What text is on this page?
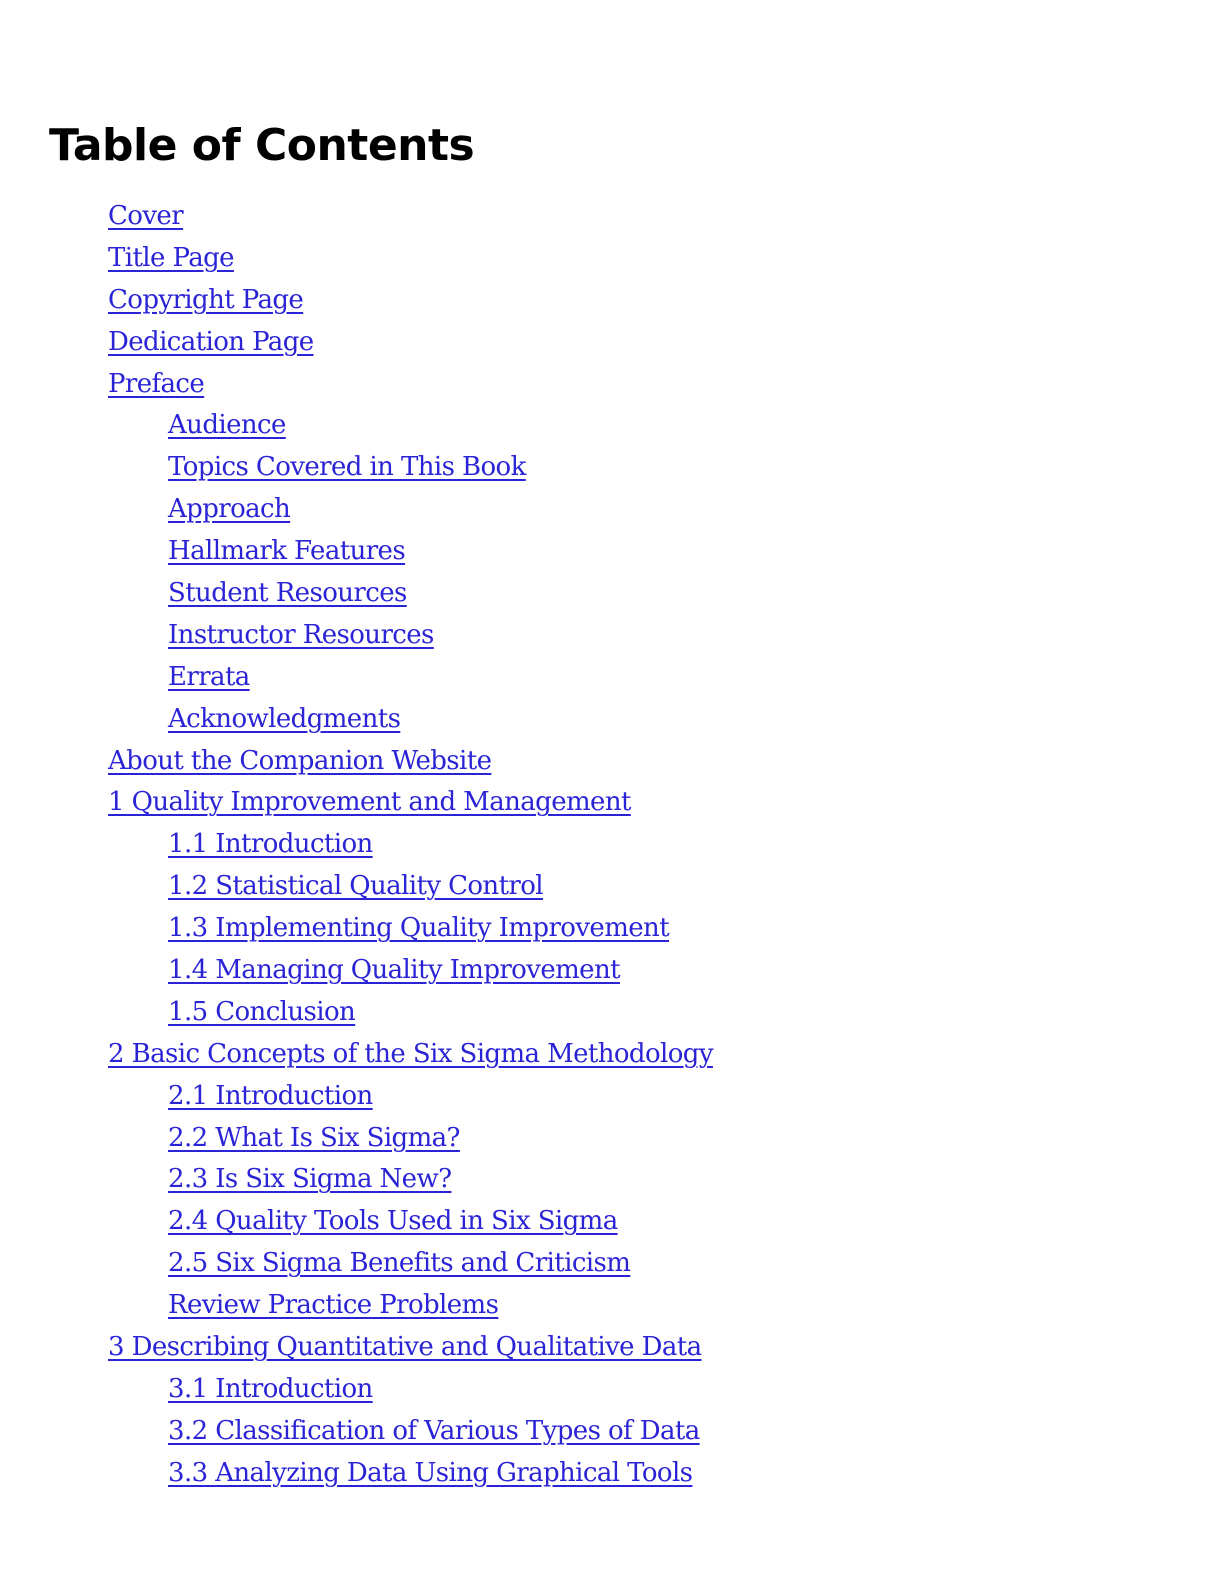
Table of Contents
Cover
Title Page
Copyright Page
Dedication Page
Preface
Audience
Topics Covered in This Book
Approach
Hallmark Features
Student Resources
Instructor Resources
Errata
Acknowledgments
About the Companion Website
1 Quality Improvement and Management
1.1 Introduction
1.2 Statistical Quality Control
1.3 Implementing Quality Improvement
1.4 Managing Quality Improvement
1.5 Conclusion
2 Basic Concepts of the Six Sigma Methodology
2.1 Introduction
2.2 What Is Six Sigma?
2.3 Is Six Sigma New?
2.4 Quality Tools Used in Six Sigma
2.5 Six Sigma Benefits and Criticism
Review Practice Problems
3 Describing Quantitative and Qualitative Data
3.1 Introduction
3.2 Classification of Various Types of Data
3.3 Analyzing Data Using Graphical Tools
